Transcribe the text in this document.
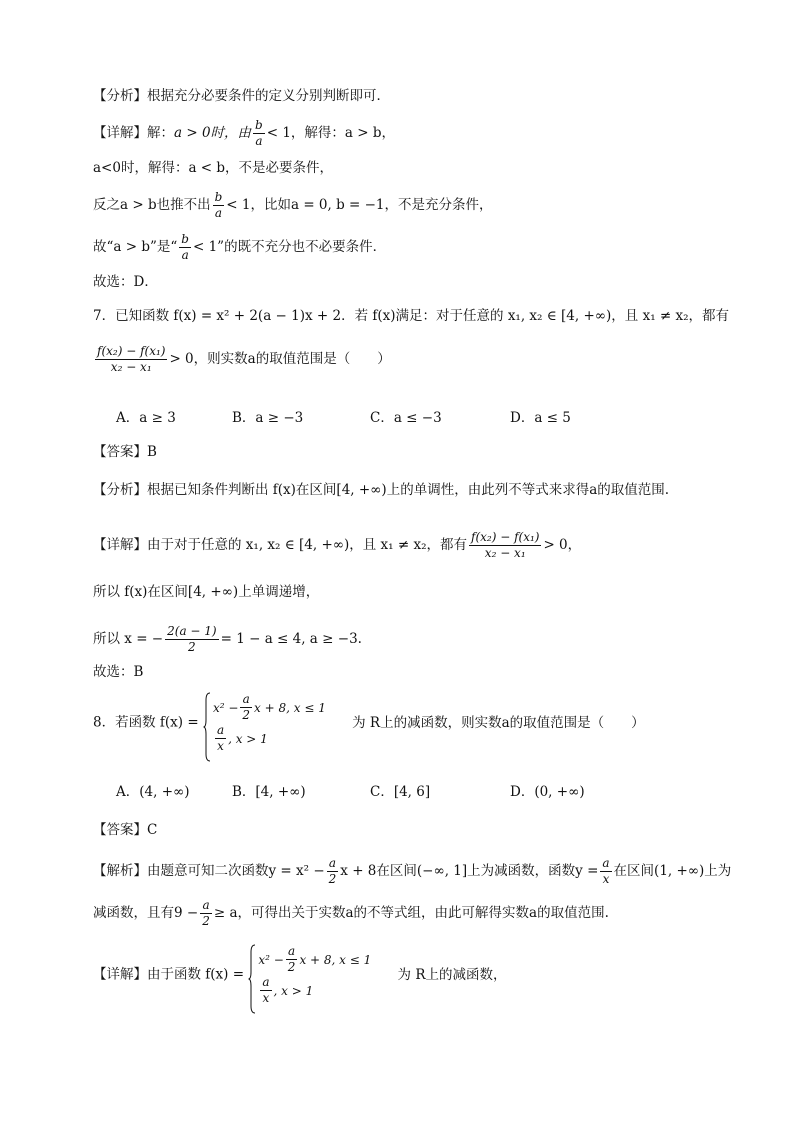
【分析】根据充分必要条件的定义分别判断即可．
【详解】解：a > 0时，由 $\frac{b}{a} < 1$，解得：a > b，
a<0时，解得：a < b，不是必要条件，
反之a > b也推不出 $\frac{b}{a} < 1$，比如a = 0, b = −1，不是充分条件，
故“a > b”是“ $\frac{b}{a} < 1$”的既不充分也不必要条件．
故选：D．
7．已知函数 f(x) = x² + 2(a − 1)x + 2．若 f(x)满足：对于任意的 x₁, x₂ ∈ [4, +∞)，且 x₁ ≠ x₂，都有
$\frac{\text{f(x₂) − f(x₁)}}{\text{x₂ − x₁}} > 0$，则实数a的取值范围是（　　）
A．a ≥ 3	B．a ≥ −3	C．a ≤ −3	D．a ≤ 5
【答案】B
【分析】根据已知条件判断出 f(x)在区间[4, +∞)上的单调性，由此列不等式来求得a的取值范围.
【详解】由于对于任意的 x₁, x₂ ∈ [4, +∞)，且 x₁ ≠ x₂，都有 $\frac{\text{f(x₂) − f(x₁)}}{\text{x₂ − x₁}} > 0$，
所以 f(x)在区间[4, +∞)上单调递增，
所以 x = − $\frac{2(a - 1)}{2} = 1 - a \le 4$, a ≥ −3.
故选：B
8．若函数 f(x) =
$x^2 - \frac{a}{2}$ x + 8, x ≤ 1
$\frac{a}{x}$ , x > 1
为 R上的减函数，则实数a的取值范围是（　　）
A．(4, +∞)	B．[4, +∞)	C．[4, 6]	D．(0, +∞)
【答案】C
【解析】由题意可知二次函数$y = x^2 - \frac{a}{2}$ x + 8在区间(−∞, 1]上为减函数，函数$y = \frac{a}{x}$ 在区间(1, +∞)上为
减函数，且有$9 - \frac{a}{2} \ge a$，可得出关于实数a的不等式组，由此可解得实数a的取值范围.
【详解】由于函数 f(x) =
$x^2 - \frac{a}{2}$ x + 8, x ≤ 1
$\frac{a}{x}$ , x > 1
为 R上的减函数，
